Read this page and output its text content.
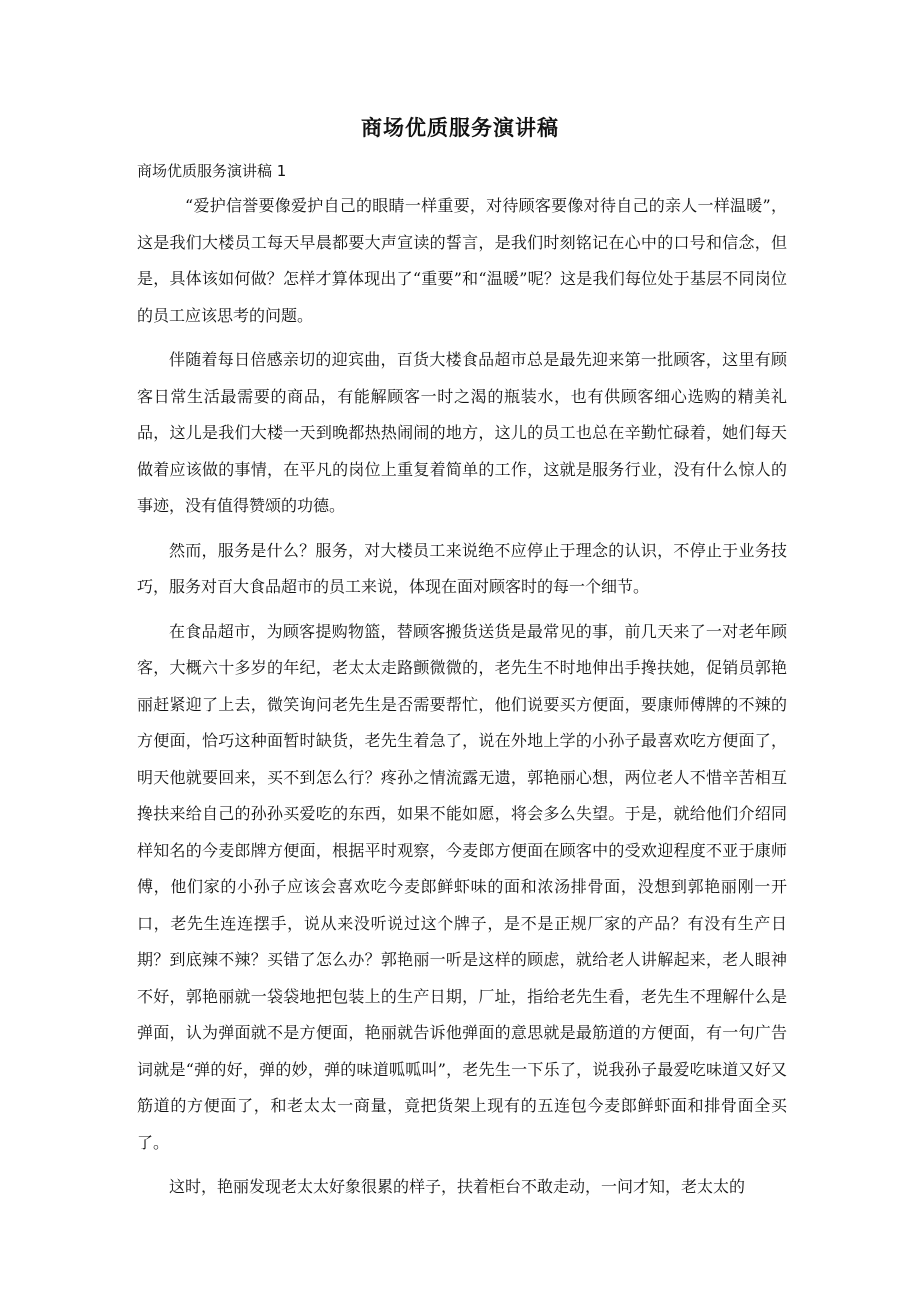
商场优质服务演讲稿
商场优质服务演讲稿 1

“爱护信誉要像爱护自己的眼睛一样重要，对待顾客要像对待自己的亲人一样温暖”，这是我们大楼员工每天早晨都要大声宣读的誓言，是我们时刻铭记在心中的口号和信念，但是，具体该如何做？怎样才算体现出了“重要”和“温暖”呢？这是我们每位处于基层不同岗位的员工应该思考的问题。

伴随着每日倍感亲切的迎宾曲，百货大楼食品超市总是最先迎来第一批顾客，这里有顾客日常生活最需要的商品，有能解顾客一时之渴的瓶装水，也有供顾客细心选购的精美礼品，这儿是我们大楼一天到晚都热热闹闹的地方，这儿的员工也总在辛勤忙碌着，她们每天做着应该做的事情，在平凡的岗位上重复着简单的工作，这就是服务行业，没有什么惊人的事迹，没有值得赞颂的功德。

然而，服务是什么？服务，对大楼员工来说绝不应停止于理念的认识，不停止于业务技巧，服务对百大食品超市的员工来说，体现在面对顾客时的每一个细节。

在食品超市，为顾客提购物篮，替顾客搬货送货是最常见的事，前几天来了一对老年顾客，大概六十多岁的年纪，老太太走路颤微微的，老先生不时地伸出手搀扶她，促销员郭艳丽赶紧迎了上去，微笑询问老先生是否需要帮忙，他们说要买方便面，要康师傅牌的不辣的方便面，恰巧这种面暂时缺货，老先生着急了，说在外地上学的小孙子最喜欢吃方便面了，明天他就要回来，买不到怎么行？疼孙之情流露无遗，郭艳丽心想，两位老人不惜辛苦相互搀扶来给自己的孙孙买爱吃的东西，如果不能如愿，将会多么失望。于是，就给他们介绍同样知名的今麦郎牌方便面，根据平时观察，今麦郎方便面在顾客中的受欢迎程度不亚于康师傅，他们家的小孙子应该会喜欢吃今麦郎鲜虾味的面和浓汤排骨面，没想到郭艳丽刚一开口，老先生连连摆手，说从来没听说过这个牌子，是不是正规厂家的产品？有没有生产日期？到底辣不辣？买错了怎么办？郭艳丽一听是这样的顾虑，就给老人讲解起来，老人眼神不好，郭艳丽就一袋袋地把包装上的生产日期，厂址，指给老先生看，老先生不理解什么是弹面，认为弹面就不是方便面，艳丽就告诉他弹面的意思就是最筋道的方便面，有一句广告词就是“弹的好，弹的妙，弹的味道呱呱叫”，老先生一下乐了，说我孙子最爱吃味道又好又筋道的方便面了，和老太太一商量，竟把货架上现有的五连包今麦郎鲜虾面和排骨面全买了。

这时，艳丽发现老太太好象很累的样子，扶着柜台不敢走动，一问才知，老太太的
